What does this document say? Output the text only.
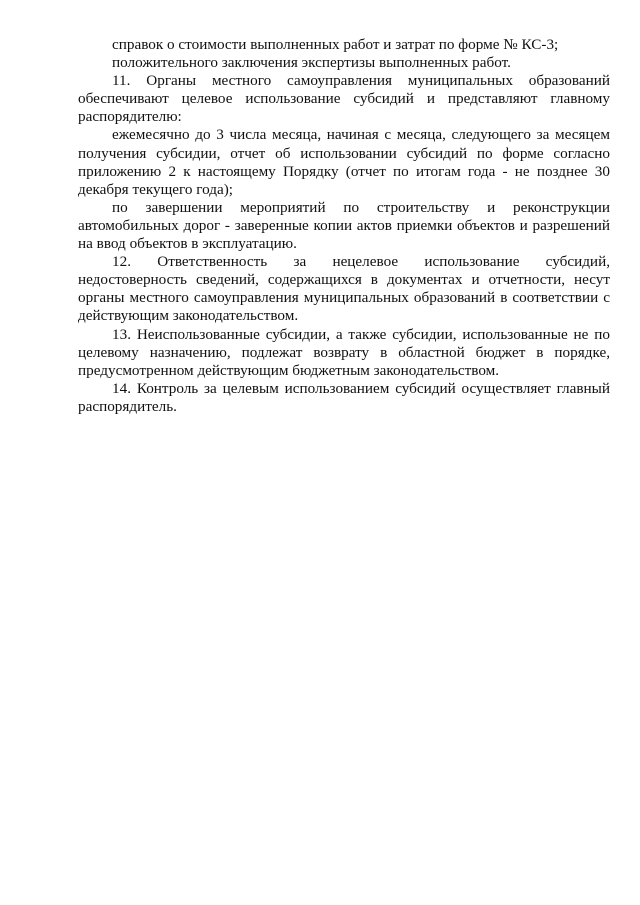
справок о стоимости выполненных работ и затрат по форме № КС-3;

положительного заключения экспертизы выполненных работ.

11. Органы местного самоуправления муниципальных образований обеспечивают целевое использование субсидий и представляют главному распорядителю:

ежемесячно до 3 числа месяца, начиная с месяца, следующего за месяцем получения субсидии, отчет об использовании субсидий по форме согласно приложению 2 к настоящему Порядку (отчет по итогам года - не позднее 30 декабря текущего года);

по завершении мероприятий по строительству и реконструкции автомобильных дорог - заверенные копии актов приемки объектов и разрешений на ввод объектов в эксплуатацию.

12. Ответственность за нецелевое использование субсидий, недостоверность сведений, содержащихся в документах и отчетности, несут органы местного самоуправления муниципальных образований в соответствии с действующим законодательством.

13. Неиспользованные субсидии, а также субсидии, использованные не по целевому назначению, подлежат возврату в областной бюджет в порядке, предусмотренном действующим бюджетным законодательством.

14. Контроль за целевым использованием субсидий осуществляет главный распорядитель.
